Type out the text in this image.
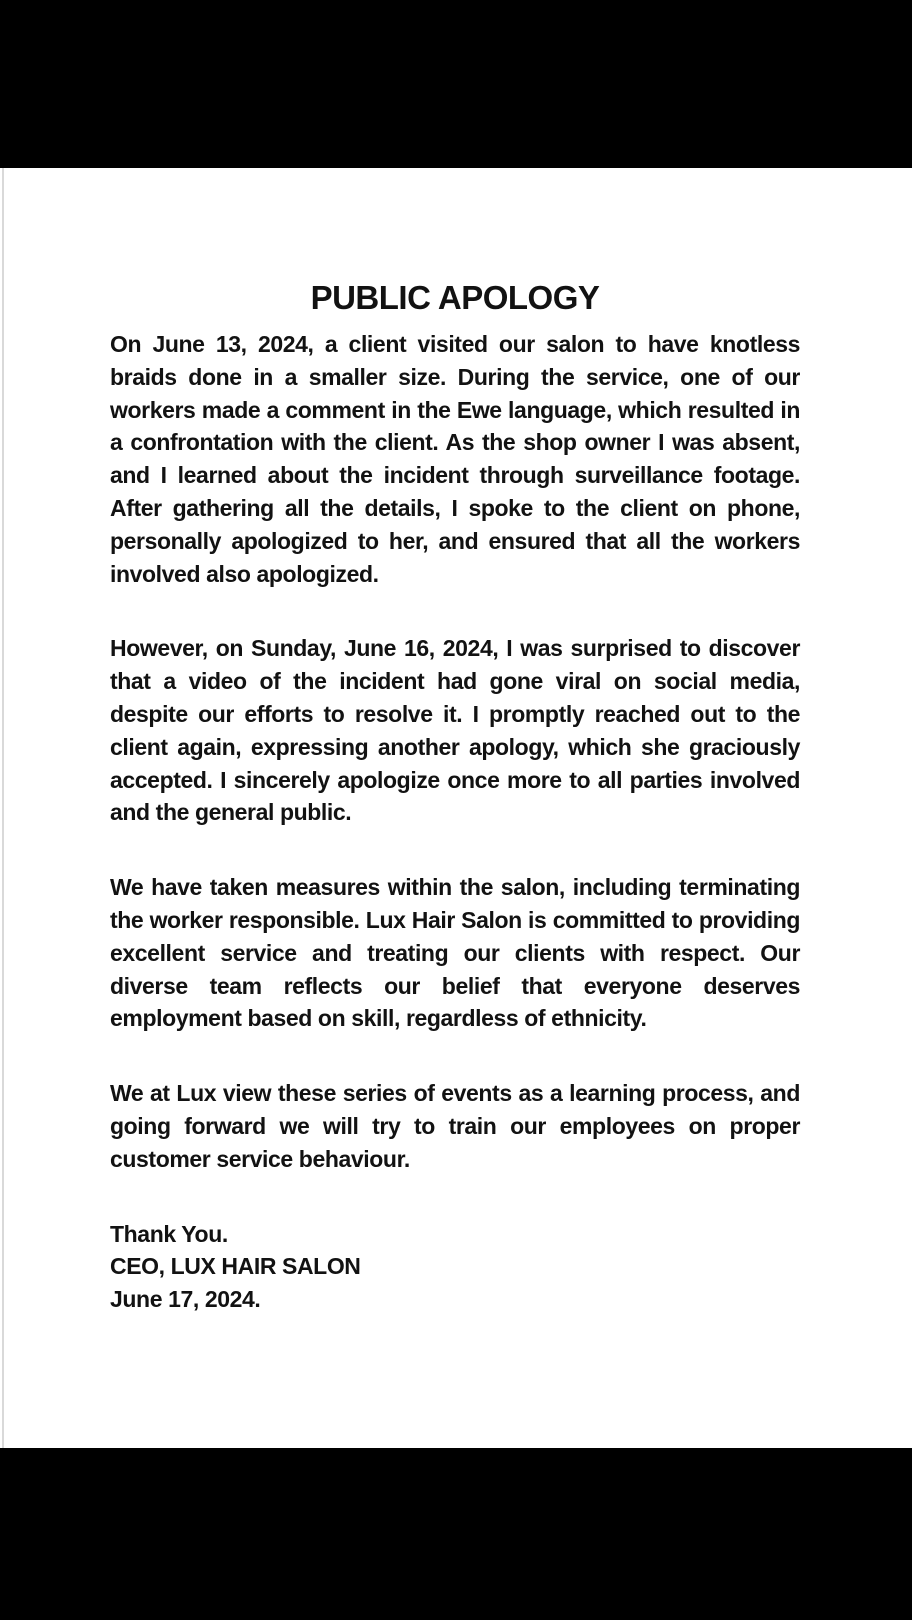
PUBLIC APOLOGY

On June 13, 2024, a client visited our salon to have knotless braids done in a smaller size. During the service, one of our workers made a comment in the Ewe language, which resulted in a confrontation with the client. As the shop owner I was absent, and I learned about the incident through surveillance footage. After gathering all the details, I spoke to the client on phone, personally apologized to her, and ensured that all the workers involved also apologized.

However, on Sunday, June 16, 2024, I was surprised to discover that a video of the incident had gone viral on social media, despite our efforts to resolve it. I promptly reached out to the client again, expressing another apology, which she graciously accepted. I sincerely apologize once more to all parties involved and the general public.

We have taken measures within the salon, including terminating the worker responsible. Lux Hair Salon is committed to providing excellent service and treating our clients with respect. Our diverse team reflects our belief that everyone deserves employment based on skill, regardless of ethnicity.

We at Lux view these series of events as a learning process, and going forward we will try to train our employees on proper customer service behaviour.

Thank You.
CEO, LUX HAIR SALON
June 17, 2024.
